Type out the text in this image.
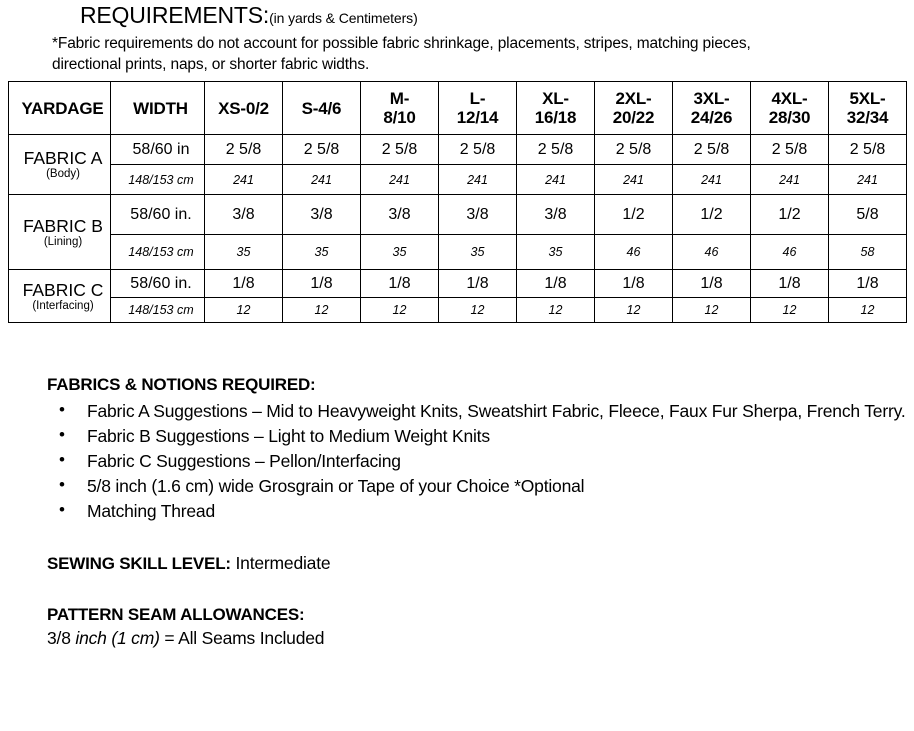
REQUIREMENTS:(in yards & Centimeters)
*Fabric requirements do not account for possible fabric shrinkage, placements, stripes, matching pieces,
directional prints, naps, or shorter fabric widths.
YARDAGE	WIDTH	XS-0/2	S-4/6	M-
8/10	L-
12/14	XL-
16/18	2XL-
20/22	3XL-
24/26	4XL-
28/30	5XL-
32/34

FABRIC A
(Body)	58/60 in	2 5/8	2 5/8	2 5/8	2 5/8	2 5/8	2 5/8	2 5/8	2 5/8	2 5/8
	148/153 cm	241	241	241	241	241	241	241	241	241

FABRIC B
(Lining)	58/60 in.	3/8	3/8	3/8	3/8	3/8	1/2	1/2	1/2	5/8
	148/153 cm	35	35	35	35	35	46	46	46	58

FABRIC C
(Interfacing)	58/60 in.	1/8	1/8	1/8	1/8	1/8	1/8	1/8	1/8	1/8
	148/153 cm	12	12	12	12	12	12	12	12	12
FABRICS & NOTIONS REQUIRED:
• Fabric A Suggestions – Mid to Heavyweight Knits, Sweatshirt Fabric, Fleece, Faux Fur Sherpa, French Terry.
• Fabric B Suggestions – Light to Medium Weight Knits
• Fabric C Suggestions – Pellon/Interfacing
• 5/8 inch (1.6 cm) wide Grosgrain or Tape of your Choice *Optional
• Matching Thread
SEWING SKILL LEVEL: Intermediate
PATTERN SEAM ALLOWANCES:
3/8 inch (1 cm) = All Seams Included
